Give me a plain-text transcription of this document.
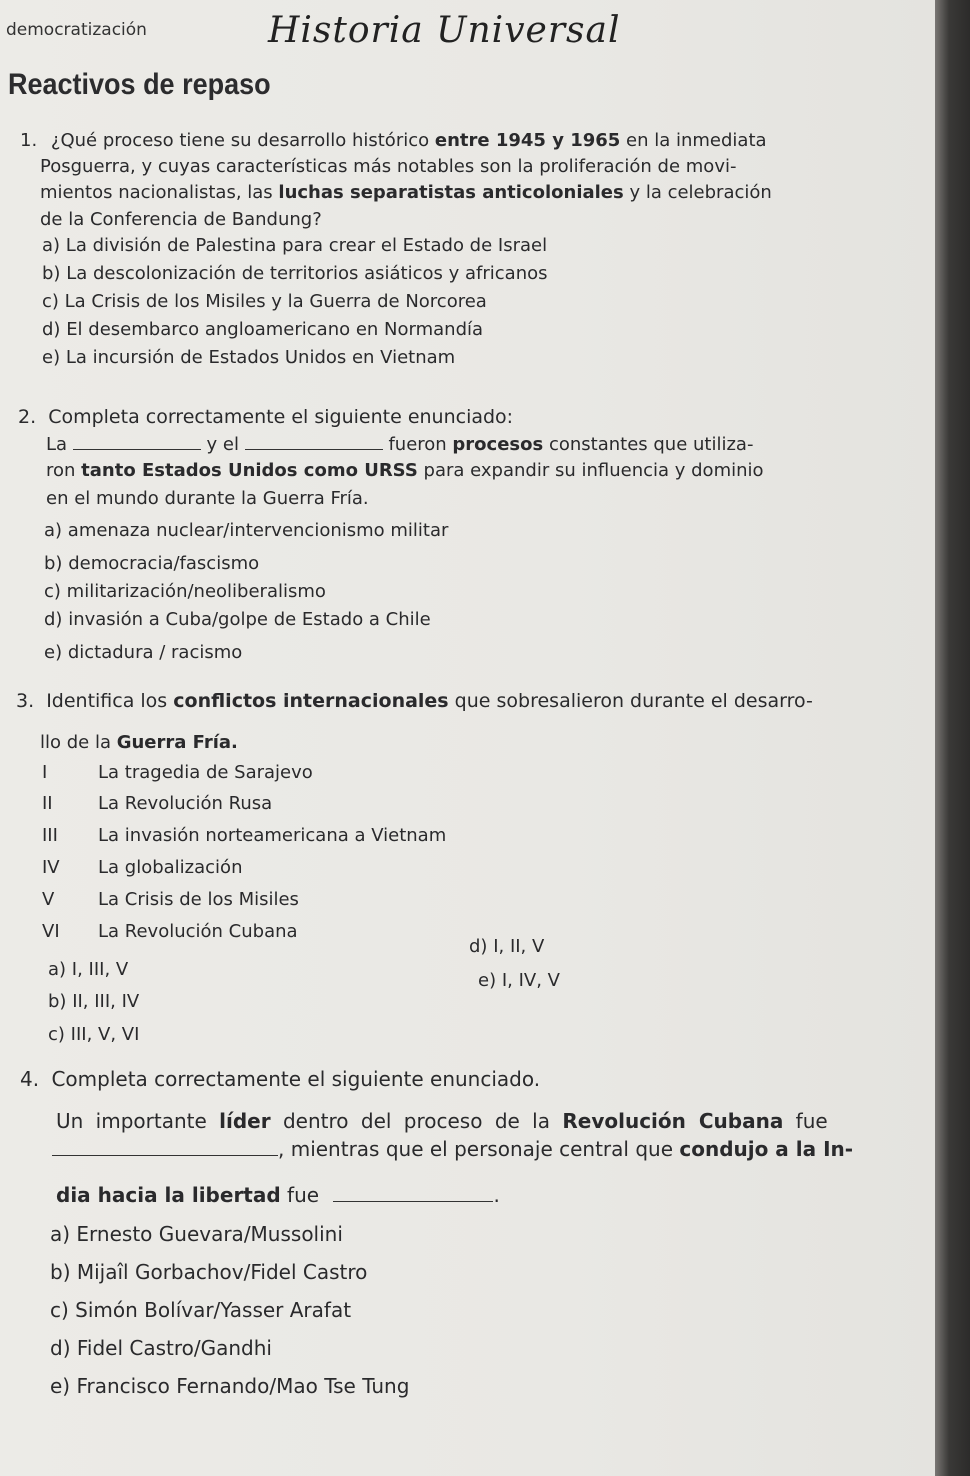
democratización	Historia Universal
Reactivos de repaso
1. ¿Qué proceso tiene su desarrollo histórico entre 1945 y 1965 en la inmediata
Posguerra, y cuyas características más notables son la proliferación de movi-
mientos nacionalistas, las luchas separatistas anticoloniales y la celebración
de la Conferencia de Bandung?
a) La división de Palestina para crear el Estado de Israel
b) La descolonización de territorios asiáticos y africanos
c) La Crisis de los Misiles y la Guerra de Norcorea
d) El desembarco angloamericano en Normandía
e) La incursión de Estados Unidos en Vietnam
2. Completa correctamente el siguiente enunciado:
La	y el	fueron procesos constantes que utiliza-
ron tanto Estados Unidos como URSS para expandir su influencia y dominio
en el mundo durante la Guerra Fría.
a) amenaza nuclear/intervencionismo militar
b) democracia/fascismo
c) militarización/neoliberalismo
d) invasión a Cuba/golpe de Estado a Chile
e) dictadura / racismo
3. Identifica los conflictos internacionales que sobresalieron durante el desarro-
llo de la Guerra Fría.
I	La tragedia de Sarajevo
II	La Revolución Rusa
III La invasión norteamericana a Vietnam
IV La globalización
V La Crisis de los Misiles
VI La Revolución Cubana
a) I, III, V
b) II, III, IV
c) III, V, VI
d) I, II, V
e) I, IV, V
4. Completa correctamente el siguiente enunciado.
Un importante líder dentro del proceso de la Revolución Cubana fue
, mientras que el personaje central que condujo a la In-
dia hacia la libertad fue	.
a) Ernesto Guevara/Mussolini
b) Mijaîl Gorbachov/Fidel Castro
c) Simón Bolívar/Yasser Arafat
d) Fidel Castro/Gandhi
e) Francisco Fernando/Mao Tse Tung
